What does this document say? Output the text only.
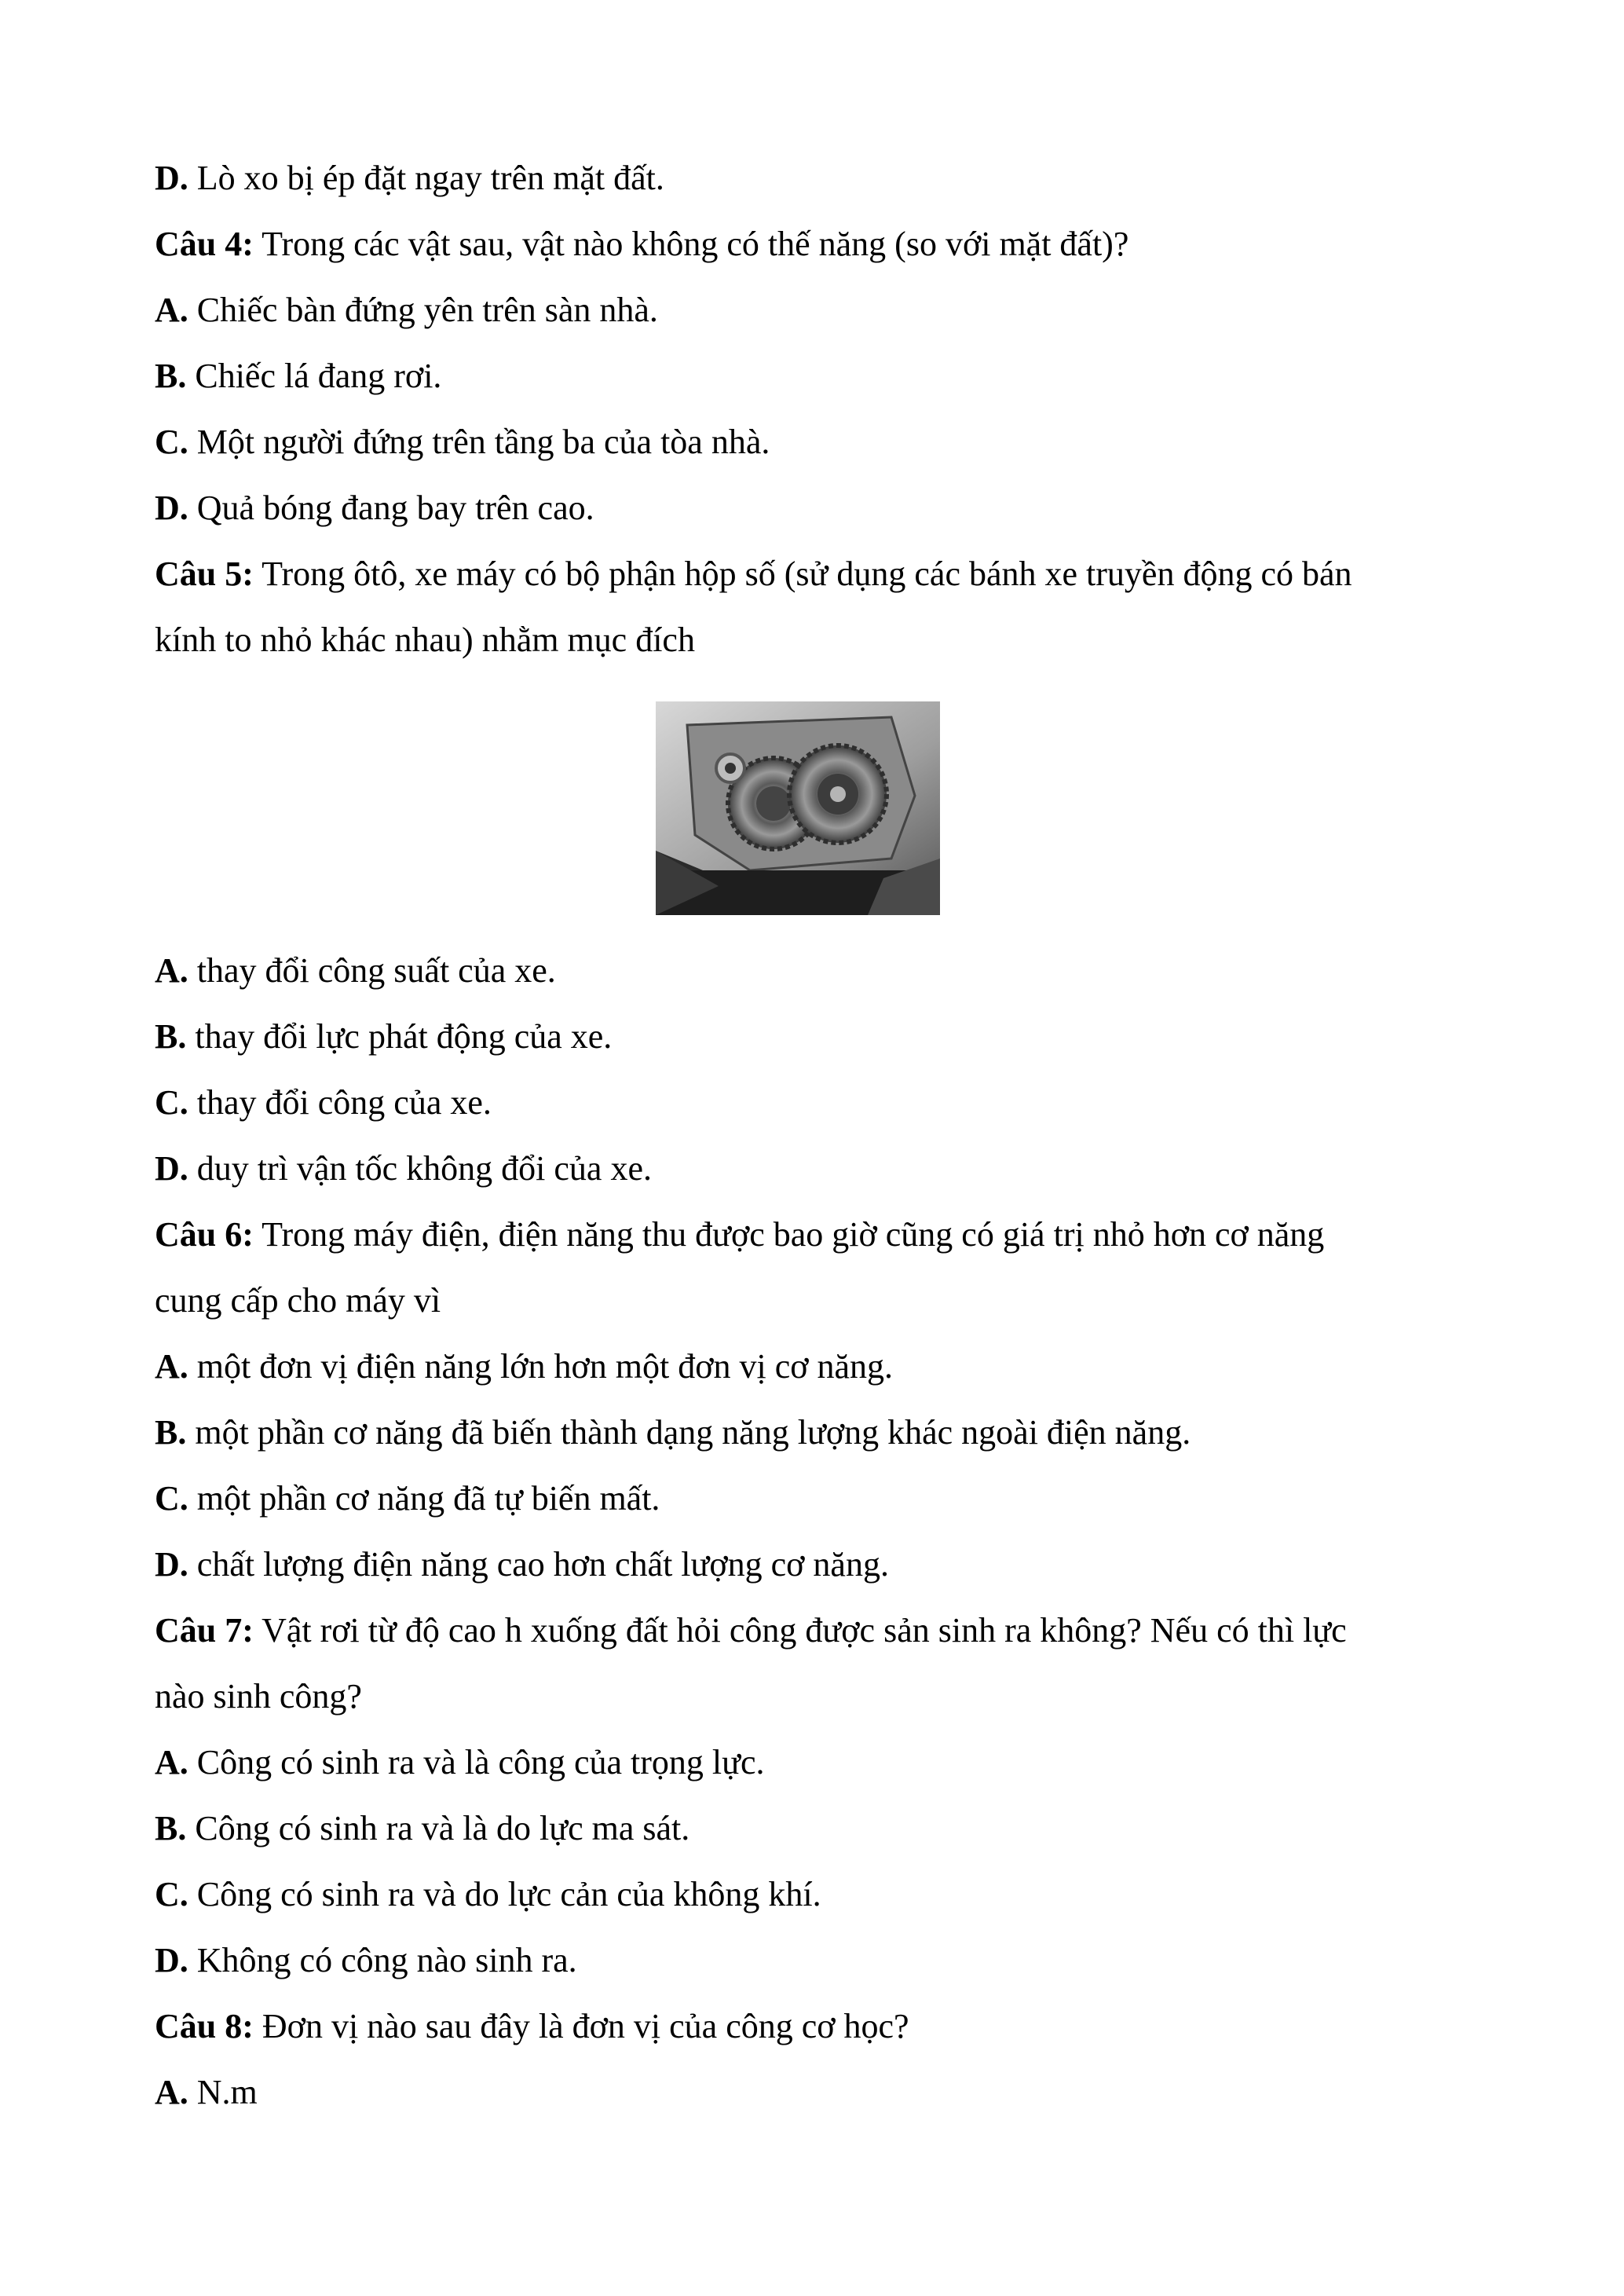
D. Lò xo bị ép đặt ngay trên mặt đất.
Câu 4: Trong các vật sau, vật nào không có thế năng (so với mặt đất)?
A. Chiếc bàn đứng yên trên sàn nhà.
B. Chiếc lá đang rơi.
C. Một người đứng trên tầng ba của tòa nhà.
D. Quả bóng đang bay trên cao.
Câu 5: Trong ôtô, xe máy có bộ phận hộp số (sử dụng các bánh xe truyền động có bán
kính to nhỏ khác nhau) nhằm mục đích
A. thay đổi công suất của xe.
B. thay đổi lực phát động của xe.
C. thay đổi công của xe.
D. duy trì vận tốc không đổi của xe.
Câu 6: Trong máy điện, điện năng thu được bao giờ cũng có giá trị nhỏ hơn cơ năng
cung cấp cho máy vì
A. một đơn vị điện năng lớn hơn một đơn vị cơ năng.
B. một phần cơ năng đã biến thành dạng năng lượng khác ngoài điện năng.
C. một phần cơ năng đã tự biến mất.
D. chất lượng điện năng cao hơn chất lượng cơ năng.
Câu 7: Vật rơi từ độ cao h xuống đất hỏi công được sản sinh ra không? Nếu có thì lực
nào sinh công?
A. Công có sinh ra và là công của trọng lực.
B. Công có sinh ra và là do lực ma sát.
C. Công có sinh ra và do lực cản của không khí.
D. Không có công nào sinh ra.
Câu 8: Đơn vị nào sau đây là đơn vị của công cơ học?
A. N.m
